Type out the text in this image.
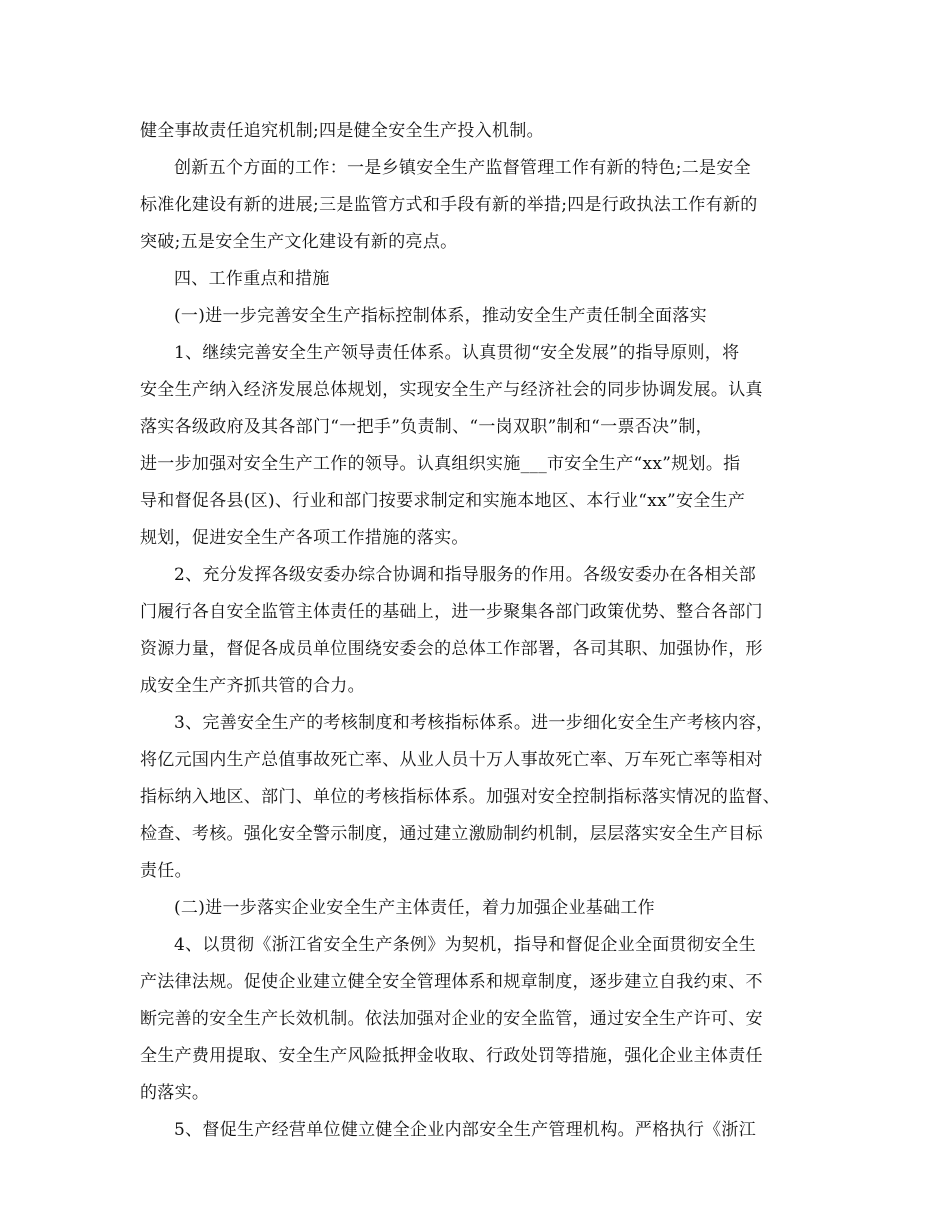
健全事故责任追究机制;四是健全安全生产投入机制。
创新五个方面的工作：一是乡镇安全生产监督管理工作有新的特色;二是安全
标准化建设有新的进展;三是监管方式和手段有新的举措;四是行政执法工作有新的
突破;五是安全生产文化建设有新的亮点。
四、工作重点和措施
(一)进一步完善安全生产指标控制体系，推动安全生产责任制全面落实
1、继续完善安全生产领导责任体系。认真贯彻“安全发展”的指导原则，将
安全生产纳入经济发展总体规划，实现安全生产与经济社会的同步协调发展。认真
落实各级政府及其各部门“一把手”负责制、“一岗双职”制和“一票否决”制，
进一步加强对安全生产工作的领导。认真组织实施___市安全生产“xx”规划。指
导和督促各县(区)、行业和部门按要求制定和实施本地区、本行业“xx”安全生产
规划，促进安全生产各项工作措施的落实。
2、充分发挥各级安委办综合协调和指导服务的作用。各级安委办在各相关部
门履行各自安全监管主体责任的基础上，进一步聚集各部门政策优势、整合各部门
资源力量，督促各成员单位围绕安委会的总体工作部署，各司其职、加强协作，形
成安全生产齐抓共管的合力。
3、完善安全生产的考核制度和考核指标体系。进一步细化安全生产考核内容，
将亿元国内生产总值事故死亡率、从业人员十万人事故死亡率、万车死亡率等相对
指标纳入地区、部门、单位的考核指标体系。加强对安全控制指标落实情况的监督、
检查、考核。强化安全警示制度，通过建立激励制约机制，层层落实安全生产目标
责任。
(二)进一步落实企业安全生产主体责任，着力加强企业基础工作
4、以贯彻《浙江省安全生产条例》为契机，指导和督促企业全面贯彻安全生
产法律法规。促使企业建立健全安全管理体系和规章制度，逐步建立自我约束、不
断完善的安全生产长效机制。依法加强对企业的安全监管，通过安全生产许可、安
全生产费用提取、安全生产风险抵押金收取、行政处罚等措施，强化企业主体责任
的落实。
5、督促生产经营单位健立健全企业内部安全生产管理机构。严格执行《浙江
